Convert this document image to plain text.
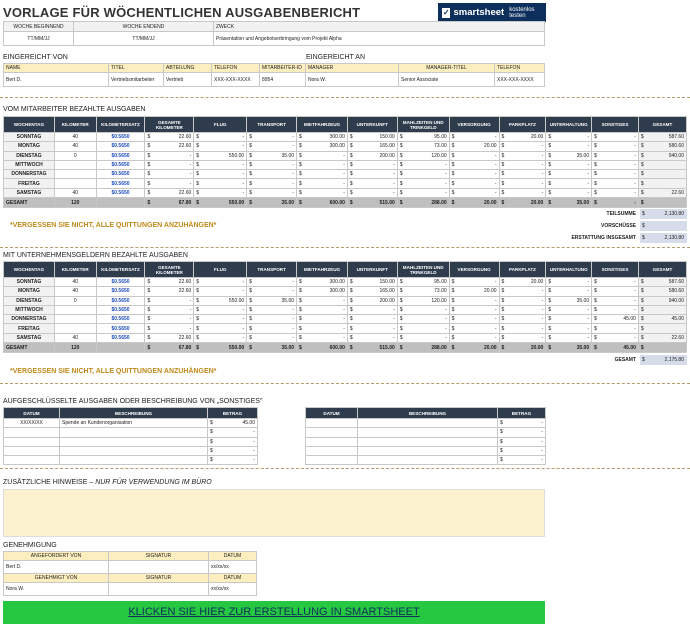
VORLAGE FÜR WÖCHENTLICHEN AUSGABENBERICHT	✓ smartsheet kostenlos testen
WOCHE BEGINNEND	WOCHE ENDEND	ZWECK
TT/MM/JJ	TT/MM/JJ	Präsentation und Angebotserbringung vom Projekt Alpha
EINGEREICHT VON	EINGEREICHT AN
NAME	TITEL	ABTEILUNG	TELEFON	MITARBEITER-ID	MANAGER	MANAGER-TITEL	TELEFON
Bert D.	Vertriebsmitarbeiter	Vertrieb	XXX-XXX-XXXX	8954	Nora W.	Senior Associate	XXX-XXX-XXXX
VOM MITARBEITER BEZAHLTE AUSGABEN
WOCHENTAG	KILOMETER	KILOMETERSATZ	GESAMTE KILOMETER		FLUG		TRANSPORT		MIETFAHRZEUG		UNTERKUNFT		MAHLZEITEN UND TRINKGELD		VERSORGUNG		PARKPLATZ		UNTERHALTUNG		SONSTIGES		GESAMT	
SONNTAG	40	$0.5650	$	22.60	$	-	$	-	$	300.00	$	150.00	$	95.00	$	-	$	20.00	$	-	$	-	$	587.60
MONTAG	40	$0.5650	$	22.60	$	-	$	-	$	300.00	$	165.00	$	73.00	$	20.00	$	-	$	-	$	-	$	580.60
DIENSTAG	0	$0.5650	$	-	$	550.00	$	35.00	$	-	$	200.00	$	120.00	$	-	$	-	$	35.00	$	-	$	940.00
MITTWOCH		$0.5650	$	-	$	-	$	-	$	-	$	-	$	-	$	-	$	-	$	-	$	-	$	
DONNERSTAG		$0.5650	$	-	$	-	$	-	$	-	$	-	$	-	$	-	$	-	$	-	$	-	$	
FREITAG		$0.5650	$	-	$	-	$	-	$	-	$	-	$	-	$	-	$	-	$	-	$	-	$	
SAMSTAG	40	$0.5650	$	22.60	$	-	$	-	$	-	$	-	$	-	$	-	$	-	$	-	$	-	$	22.60
GESAMT	120		$	67.80	$	550.00	$	35.00	$	600.00	$	515.00	$	288.00	$	20.00	$	20.00	$	35.00	$	-	$	
*VERGESSEN SIE NICHT, ALLE QUITTUNGEN ANZUHÄNGEN*
TEILSUMME	$	2,130.80
VORSCHÜSSE	$
ERSTATTUNG INSGESAMT	$	2,130.80
MIT UNTERNEHMENSGELDERN BEZAHLTE AUSGABEN
WOCHENTAG	KILOMETER	KILOMETERSATZ	GESAMTE KILOMETER		FLUG		TRANSPORT		MIETFAHRZEUG		UNTERKUNFT		MAHLZEITEN UND TRINKGELD		VERSORGUNG		PARKPLATZ		UNTERHALTUNG		SONSTIGES		GESAMT	
SONNTAG	40	$0.5650	$	22.60	$	-	$	-	$	300.00	$	150.00	$	95.00	$	-	$	20.00	$	-	$	-	$	587.60
MONTAG	40	$0.5650	$	22.60	$	-	$	-	$	300.00	$	165.00	$	73.00	$	20.00	$	-	$	-	$	-	$	580.60
DIENSTAG	0	$0.5650	$	-	$	550.00	$	35.00	$	-	$	200.00	$	120.00	$	-	$	-	$	35.00	$	-	$	940.00
MITTWOCH		$0.5650	$	-	$	-	$	-	$	-	$	-	$	-	$	-	$	-	$	-	$	-	$	
DONNERSTAG		$0.5650	$	-	$	-	$	-	$	-	$	-	$	-	$	-	$	-	$	-	$	45.00	$	45.00
FREITAG		$0.5650	$	-	$	-	$	-	$	-	$	-	$	-	$	-	$	-	$	-	$	-	$	
SAMSTAG	40	$0.5650	$	22.60	$	-	$	-	$	-	$	-	$	-	$	-	$	-	$	-	$	-	$	22.60
GESAMT	120		$	67.80	$	550.00	$	35.00	$	600.00	$	515.00	$	288.00	$	20.00	$	20.00	$	35.00	$	45.00	$	
*VERGESSEN SIE NICHT, ALLE QUITTUNGEN ANZUHÄNGEN*
GESAMT	$	2,175.80
AUFGESCHLÜSSELTE AUSGABEN ODER BESCHREIBUNG VON „SONSTIGES"
DATUM	BESCHREIBUNG	BETRAG	
XX/XX/XX	Spende an Kundenorganisation	$	45.00
		$	-
		$	-
		$	-
		$	-
DATUM	BESCHREIBUNG	BETRAG	
		$	-
		$	-
		$	-
		$	-
		$	-
ZUSÄTZLICHE HINWEISE – NUR FÜR VERWENDUNG IM BÜRO
GENEHMIGUNG
ANGEFORDERT VON	SIGNATUR	DATUM
Bert D.		xx/xx/xx
GENEHMIGT VON	SIGNATUR	DATUM
Nora W.		xx/xx/xx
KLICKEN SIE HIER ZUR ERSTELLUNG IN SMARTSHEET
